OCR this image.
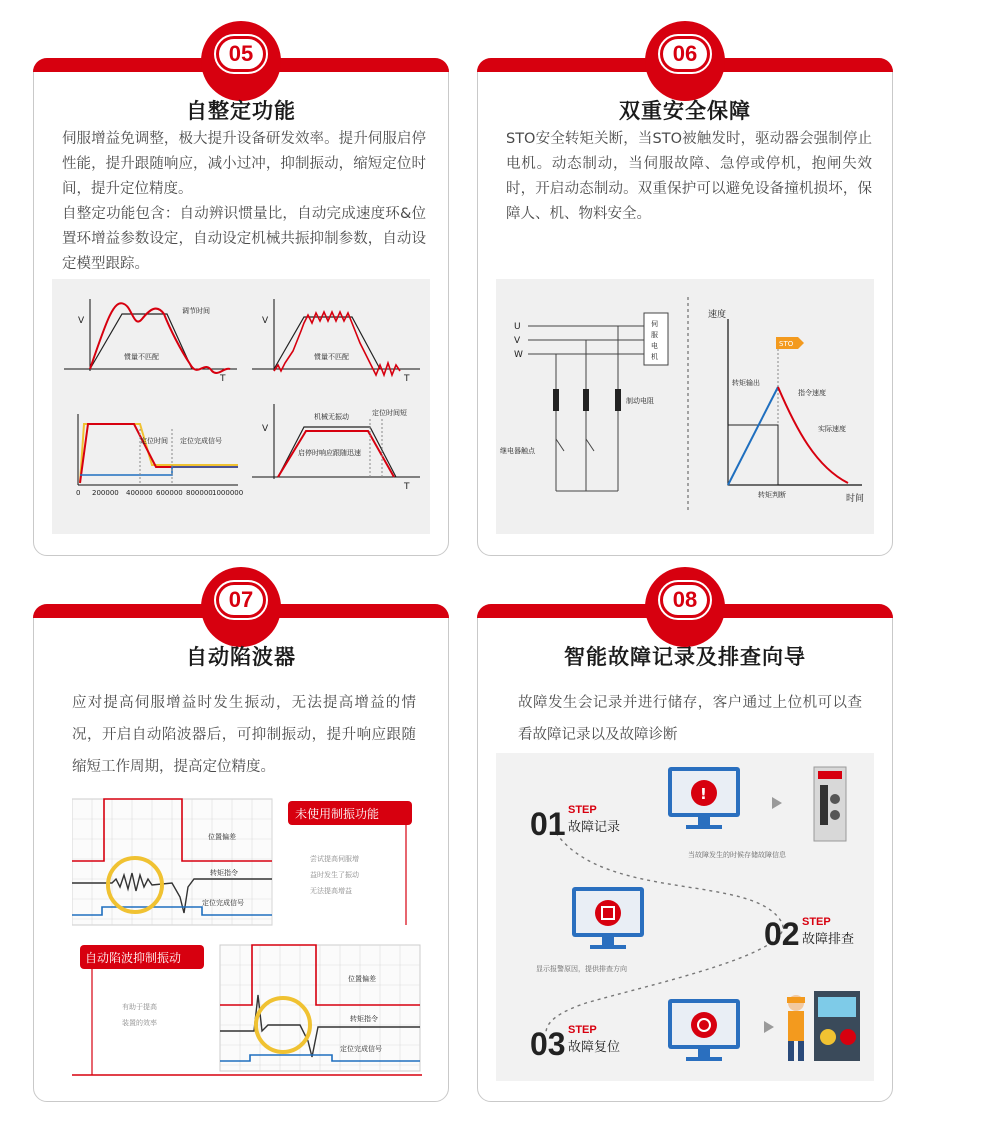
05
自整定功能
伺服增益免调整，极大提升设备研发效率。提升伺服启停性能，提升跟随响应，减小过冲，抑制振动，缩短定位时间，提升定位精度。
自整定功能包含：自动辨识惯量比，自动完成速度环&位置环增益参数设定，自动设定机械共振抑制参数，自动设定模型跟踪。
V
T
调节时间
惯量不匹配
V
T
惯量不匹配
定位时间 定位完成信号
0 200000 400000 600000 800000 1000000
V
T
机械无振动	定位时间短
启停时响应跟随迅速
06
双重安全保障
STO安全转矩关断，当STO被触发时，驱动器会强制停止电机。动态制动，当伺服故障、急停或停机，抱闸失效时，开启动态制动。双重保护可以避免设备撞机损坏，保障人、机、物料安全。
U
V
W
伺
服
电
机
制动电阻
继电器触点
速度
时间
STO
转矩输出
指令速度
实际速度
转矩判断
07
自动陷波器
应对提高伺服增益时发生振动，无法提高增益的情况，开启自动陷波器后，可抑制振动，提升响应跟随缩短工作周期，提高定位精度。
位置偏差
转矩指令
定位完成信号
未使用制振功能
尝试提高伺服增
益时发生了振动
无法提高增益
自动陷波抑制振动
有助于提高
装置的效率
位置偏差
转矩指令
定位完成信号
08
智能故障记录及排查向导
故障发生会记录并进行储存，客户通过上位机可以查看故障记录以及故障诊断
01 STEP
故障记录
!
当故障发生的时候存储故障信息
显示报警原因，提供排查方向
02 STEP
故障排查
03 STEP
故障复位
